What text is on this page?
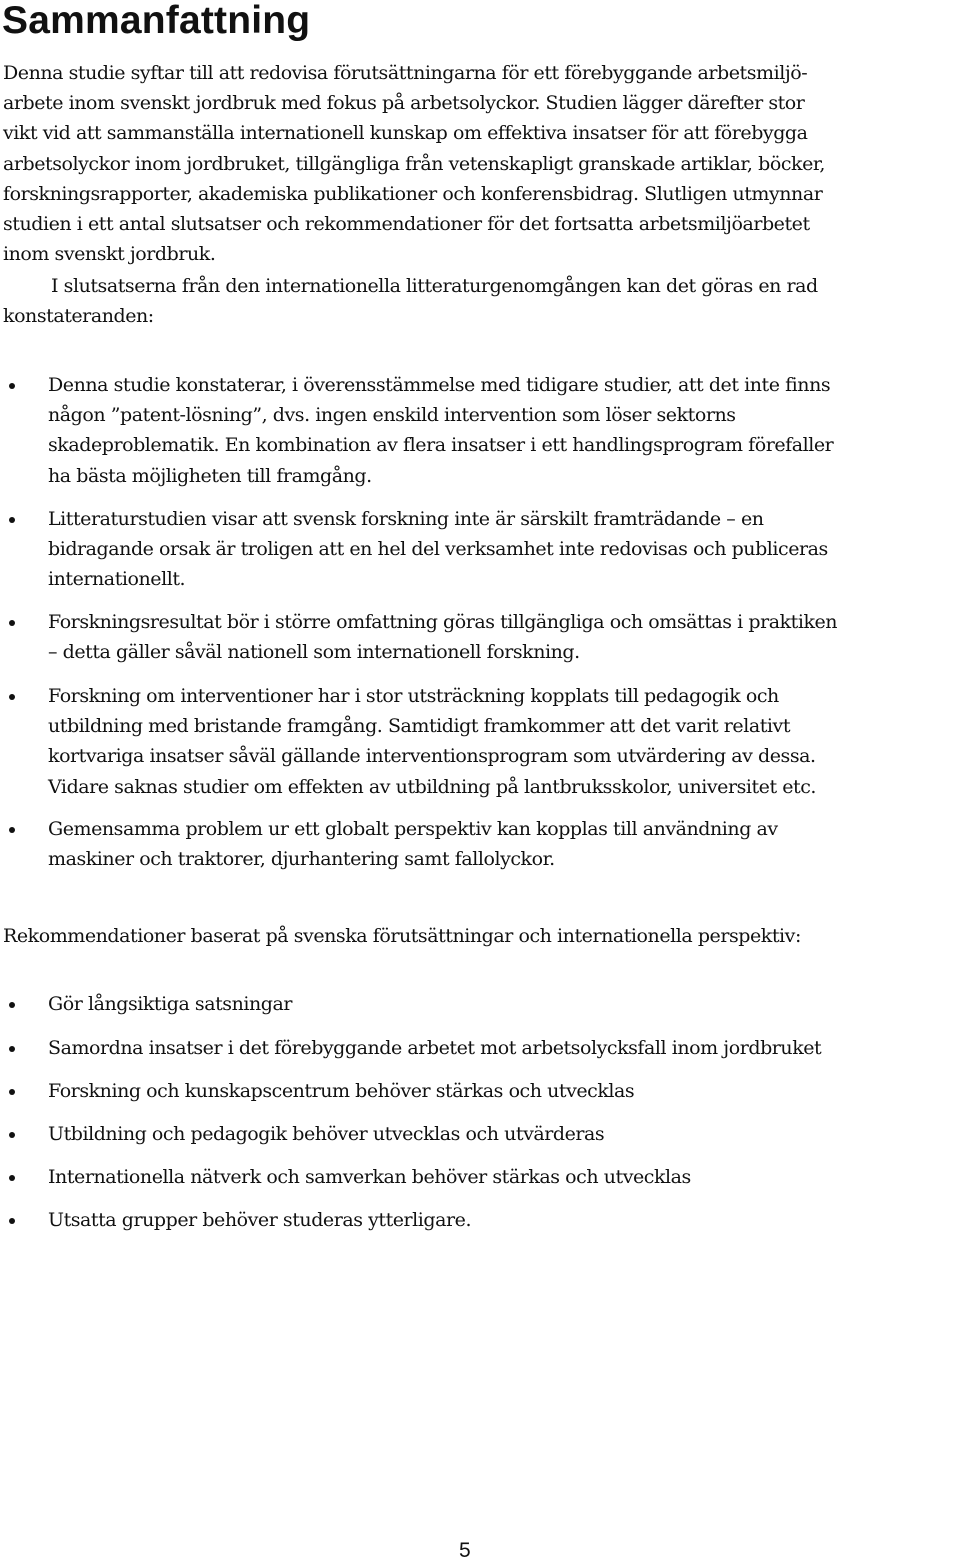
Sammanfattning

Denna studie syftar till att redovisa förutsättningarna för ett förebyggande arbetsmiljö-
arbete inom svenskt jordbruk med fokus på arbetsolyckor. Studien lägger därefter stor
vikt vid att sammanställa internationell kunskap om effektiva insatser för att förebygga
arbetsolyckor inom jordbruket, tillgängliga från vetenskapligt granskade artiklar, böcker,
forskningsrapporter, akademiska publikationer och konferensbidrag. Slutligen utmynnar
studien i ett antal slutsatser och rekommendationer för det fortsatta arbetsmiljöarbetet
inom svenskt jordbruk.

I slutsatserna från den internationella litteraturgenomgången kan det göras en rad
konstateranden:

Denna studie konstaterar, i överensstämmelse med tidigare studier, att det inte finns
någon ”patent-lösning”, dvs. ingen enskild intervention som löser sektorns
skadeproblematik. En kombination av flera insatser i ett handlingsprogram förefaller
ha bästa möjligheten till framgång.
Litteraturstudien visar att svensk forskning inte är särskilt framträdande – en
bidragande orsak är troligen att en hel del verksamhet inte redovisas och publiceras
internationellt.
Forskningsresultat bör i större omfattning göras tillgängliga och omsättas i praktiken
– detta gäller såväl nationell som internationell forskning.
Forskning om interventioner har i stor utsträckning kopplats till pedagogik och
utbildning med bristande framgång. Samtidigt framkommer att det varit relativt
kortvariga insatser såväl gällande interventionsprogram som utvärdering av dessa.
Vidare saknas studier om effekten av utbildning på lantbruksskolor, universitet etc.
Gemensamma problem ur ett globalt perspektiv kan kopplas till användning av
maskiner och traktorer, djurhantering samt fallolyckor.

Rekommendationer baserat på svenska förutsättningar och internationella perspektiv:

Gör långsiktiga satsningar
Samordna insatser i det förebyggande arbetet mot arbetsolycksfall inom jordbruket
Forskning och kunskapscentrum behöver stärkas och utvecklas
Utbildning och pedagogik behöver utvecklas och utvärderas
Internationella nätverk och samverkan behöver stärkas och utvecklas
Utsatta grupper behöver studeras ytterligare.
5
